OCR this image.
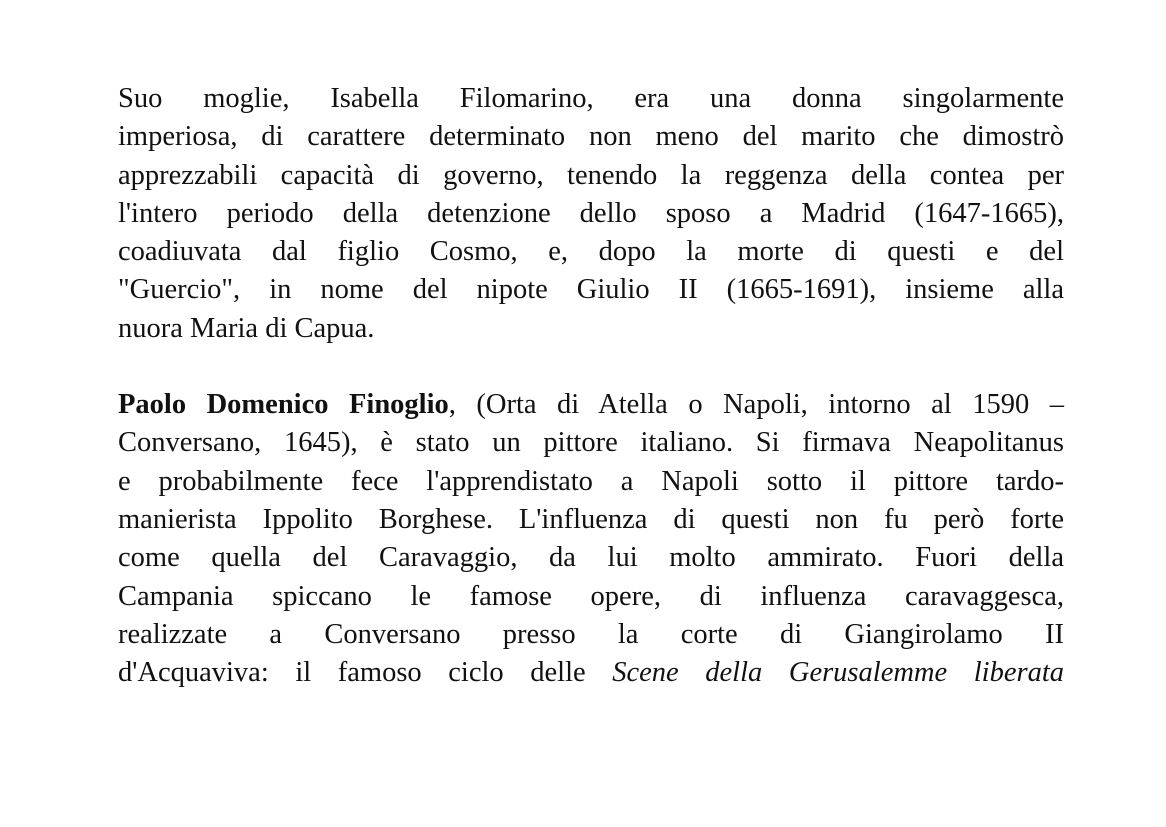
Suo moglie, Isabella Filomarino, era una donna singolarmente
imperiosa, di carattere determinato non meno del marito che dimostrò
apprezzabili capacità di governo, tenendo la reggenza della contea per
l'intero periodo della detenzione dello sposo a Madrid (1647-1665),
coadiuvata dal figlio Cosmo, e, dopo la morte di questi e del
"Guercio", in nome del nipote Giulio II (1665-1691), insieme alla
nuora Maria di Capua.

Paolo Domenico Finoglio, (Orta di Atella o Napoli, intorno al 1590 –
Conversano, 1645), è stato un pittore italiano. Si firmava Neapolitanus
e probabilmente fece l'apprendistato a Napoli sotto il pittore tardo-
manierista Ippolito Borghese. L'influenza di questi non fu però forte
come quella del Caravaggio, da lui molto ammirato. Fuori della
Campania spiccano le famose opere, di influenza caravaggesca,
realizzate a Conversano presso la corte di Giangirolamo II
d'Acquaviva: il famoso ciclo delle Scene della Gerusalemme liberata
